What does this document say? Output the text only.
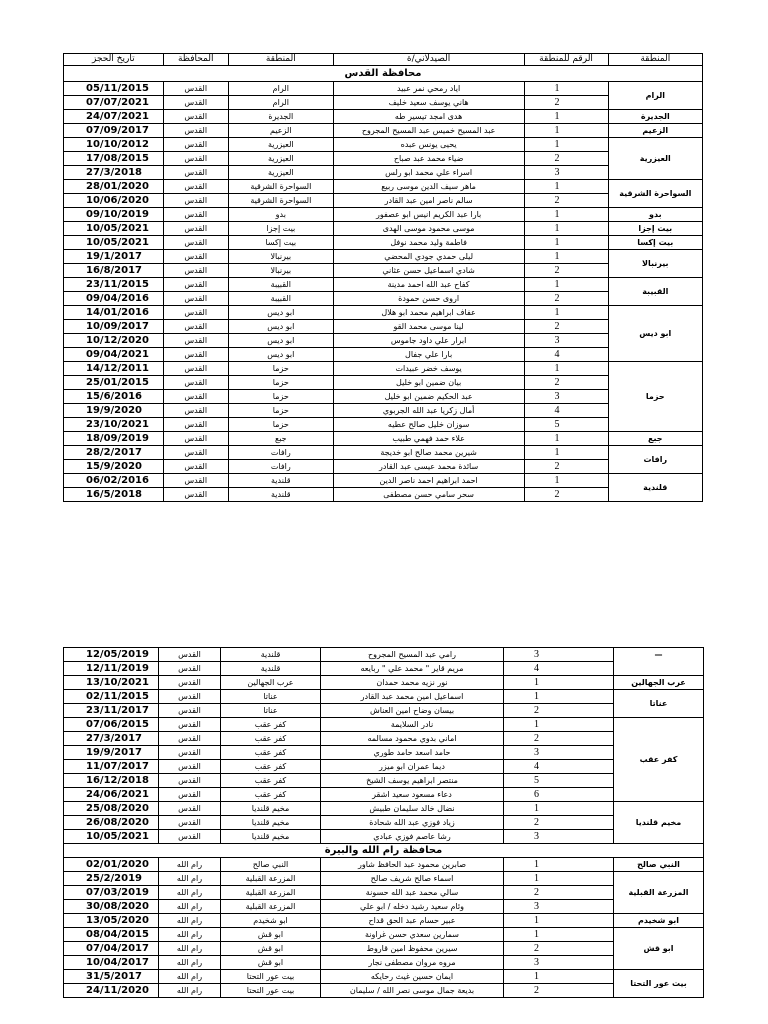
تاريخ الحجز	المحافظة	المنطقة	الصيدلاني/ة	الرقم للمنطقة	المنطقة
محافظة القدس					
05/11/2015	القدس	الرام	اياد رمحي نمر عبيد	1	الرام
07/07/2021	القدس	الرام	هاني يوسف سعيد خليف	2	
24/07/2021	القدس	الجديرة	هدى امجد تيسير طه	1	الجديرة
07/09/2017	القدس	الزعيم	عبد المسيح خميس عبد المسيح المجروح	1	الزعيم
10/10/2012	القدس	العيزرية	يحيى يونس عبده	1	العيزرية
17/08/2015	القدس	العيزرية	ضياء محمد عبد صباح	2	
27/3/2018	القدس	العيزرية	اسراء علي محمد ابو رلس	3	
28/01/2020	القدس	السواحرة الشرقية	ماهر سيف الدين موسى ربيع	1	السواحرة الشرقية
10/06/2020	القدس	السواحرة الشرقية	سالم ناصر امين عبد القادر	2	
09/10/2019	القدس	بدو	بارا عبد الكريم انيس ابو عصفور	1	بدو
10/05/2021	القدس	بيت إجزا	موسى محمود موسى الهدى	1	بيت إجزا
10/05/2021	القدس	بيت إكسا	فاطمة وليد محمد نوفل	1	بيت إكسا
19/1/2017	القدس	بيرنبالا	ليلى حمدي جودي المحضي	1	بيرنبالا
16/8/2017	القدس	بيرنبالا	شادي اسماعيل حسن عثاني	2	
23/11/2015	القدس	القبيبة	كفاح عبد الله احمد مدينة	1	القبيبة
09/04/2016	القدس	القبيبة	اروى حسن حمودة	2	
14/01/2016	القدس	ابو ديس	عفاف ابراهيم محمد ابو هلال	1	ابو ديس
10/09/2017	القدس	ابو ديس	لينا موسى محمد القو	2	
10/12/2020	القدس	ابو ديس	ابرار علي داود جاموس	3	
09/04/2021	القدس	ابو ديس	بارا علي جفال	4	
14/12/2011	القدس	حزما	يوسف خضر عبيدات	1	حزما
25/01/2015	القدس	حزما	بيان ضمين ابو خليل	2	
15/6/2016	القدس	حزما	عبد الحكيم ضمين ابو خليل	3	
19/9/2020	القدس	حزما	أمال زكريا عبد الله الجربوي	4	
23/10/2021	القدس	حزما	سوزان خليل صالح عطيه	5	
18/09/2019	القدس	جبع	علاء حمد فهمي طبيب	1	جبع
28/2/2017	القدس	رافات	شيرين محمد صالح ابو خديجة	1	رافات
15/9/2020	القدس	رافات	سائدة محمد عيسى عبد القادر	2	
06/02/2016	القدس	قلندية	احمد ابراهيم احمد ناصر الدين	1	قلندية
16/5/2018	القدس	قلندية	سحر سامي حسن مصطفى	2	
12/05/2019	القدس	قلندية	رامي عبد المسيح المجروح	3	—
12/11/2019	القدس	قلندية	مريم قاير " محمد علي " ربايعه	4	
13/10/2021	القدس	عرب الجهالين	نور نزيه محمد حمدان	1	عرب الجهالين
02/11/2015	القدس	عناتا	اسماعيل امين محمد عبد القادر	1	عناتا
23/11/2017	القدس	عناتا	بيسان وضاح امين العناش	2	
07/06/2015	القدس	كفر عقب	نادر السلايمة	1	كفر عقب
27/3/2017	القدس	كفر عقب	اماني بدوي محمود مسالمه	2	
19/9/2017	القدس	كفر عقب	حامد اسعد حامد طوري	3	
11/07/2017	القدس	كفر عقب	ديما عمران ابو ميزر	4	
16/12/2018	القدس	كفر عقب	منتصر ابراهيم يوسف الشيخ	5	
24/06/2021	القدس	كفر عقب	دعاء مسعود سعيد اشقر	6	
25/08/2020	القدس	مخيم قلنديا	نضال خالد سليمان طبيش	1	مخيم قلنديا
26/08/2020	القدس	مخيم قلنديا	زياد فوزي عبد الله شحادة	2	
10/05/2021	القدس	مخيم قلنديا	رشا عاصم فوزي عبادي	3	
محافظة رام الله والبيرة					
02/01/2020	رام الله	النبي صالح	صابرين محمود عبد الحافظ شاور	1	النبي صالح
25/2/2019	رام الله	المزرعة القبلية	اسماء صالح شريف صالح	1	المزرعة القبلية
07/03/2019	رام الله	المزرعة القبلية	سالي محمد عبد الله حسونة	2	
30/08/2020	رام الله	المزرعة القبلية	وئام سعيد رشيد دخله / ابو علي	3	
13/05/2020	رام الله	ابو شخيدم	عبير حسام عبد الحق قداح	1	ابو شخيدم
08/04/2015	رام الله	ابو قش	سمارين سعدي حسن غراونة	1	ابو قش
07/04/2017	رام الله	ابو قش	سيرين محفوظ امين قاروط	2	
10/04/2017	رام الله	ابو قش	مروه مروان مصطفى نجار	3	
31/5/2017	رام الله	بيت عور التحتا	ايمان حسين غيث رحايكه	1	بيت عور التحتا
24/11/2020	رام الله	بيت عور التحتا	بديعة جمال موسى نصر الله / سليمان	2	
